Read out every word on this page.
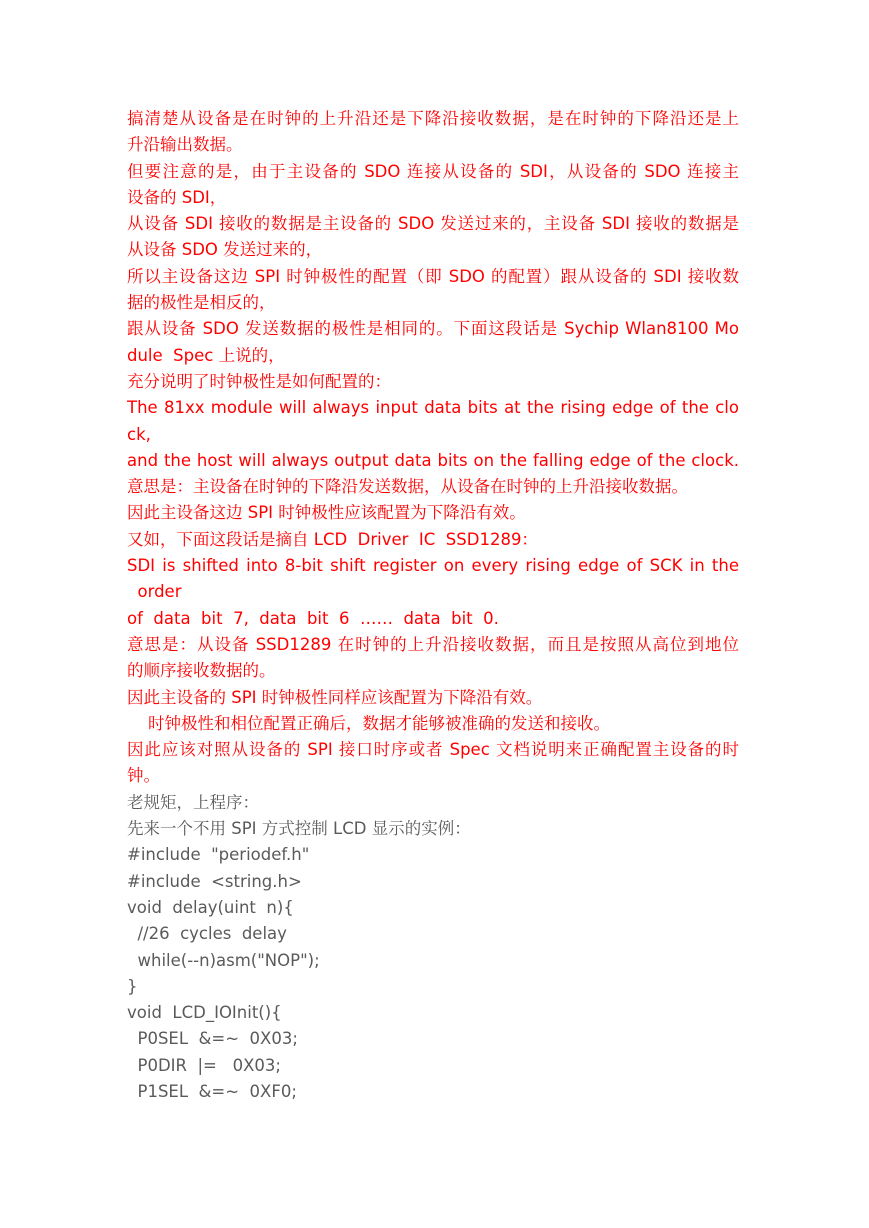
搞清楚从设备是在时钟的上升沿还是下降沿接收数据，是在时钟的下降沿还是上
升沿输出数据。
但要注意的是，由于主设备的 SDO 连接从设备的 SDI，从设备的 SDO 连接主
设备的 SDI，
从设备 SDI 接收的数据是主设备的 SDO 发送过来的，主设备 SDI 接收的数据是
从设备 SDO 发送过来的，
所以主设备这边 SPI 时钟极性的配置（即 SDO 的配置）跟从设备的 SDI 接收数
据的极性是相反的，
跟从设备 SDO 发送数据的极性是相同的。下面这段话是 Sychip Wlan8100 Mo
dule  Spec 上说的，
充分说明了时钟极性是如何配置的：
The 81xx module will always input data bits at the rising edge of the clo
ck,
and the host will always output data bits on the falling edge of the clock.
意思是：主设备在时钟的下降沿发送数据，从设备在时钟的上升沿接收数据。
因此主设备这边 SPI 时钟极性应该配置为下降沿有效。
又如，下面这段话是摘自 LCD  Driver  IC  SSD1289：
SDI is shifted into 8-bit shift register on every rising edge of SCK in the
order
of  data  bit  7,  data  bit  6  ……  data  bit  0.
意思是：从设备 SSD1289 在时钟的上升沿接收数据，而且是按照从高位到地位
的顺序接收数据的。
因此主设备的 SPI 时钟极性同样应该配置为下降沿有效。
时钟极性和相位配置正确后，数据才能够被准确的发送和接收。
因此应该对照从设备的 SPI 接口时序或者 Spec 文档说明来正确配置主设备的时
钟。
老规矩，上程序：
先来一个不用 SPI 方式控制 LCD 显示的实例：
#include  "periodef.h"
#include  <string.h>
void  delay(uint  n){
//26  cycles  delay
while(--n)asm("NOP");
}
void  LCD_IOInit(){
P0SEL  &=~  0X03;
P0DIR  |=   0X03;
P1SEL  &=~  0XF0;
